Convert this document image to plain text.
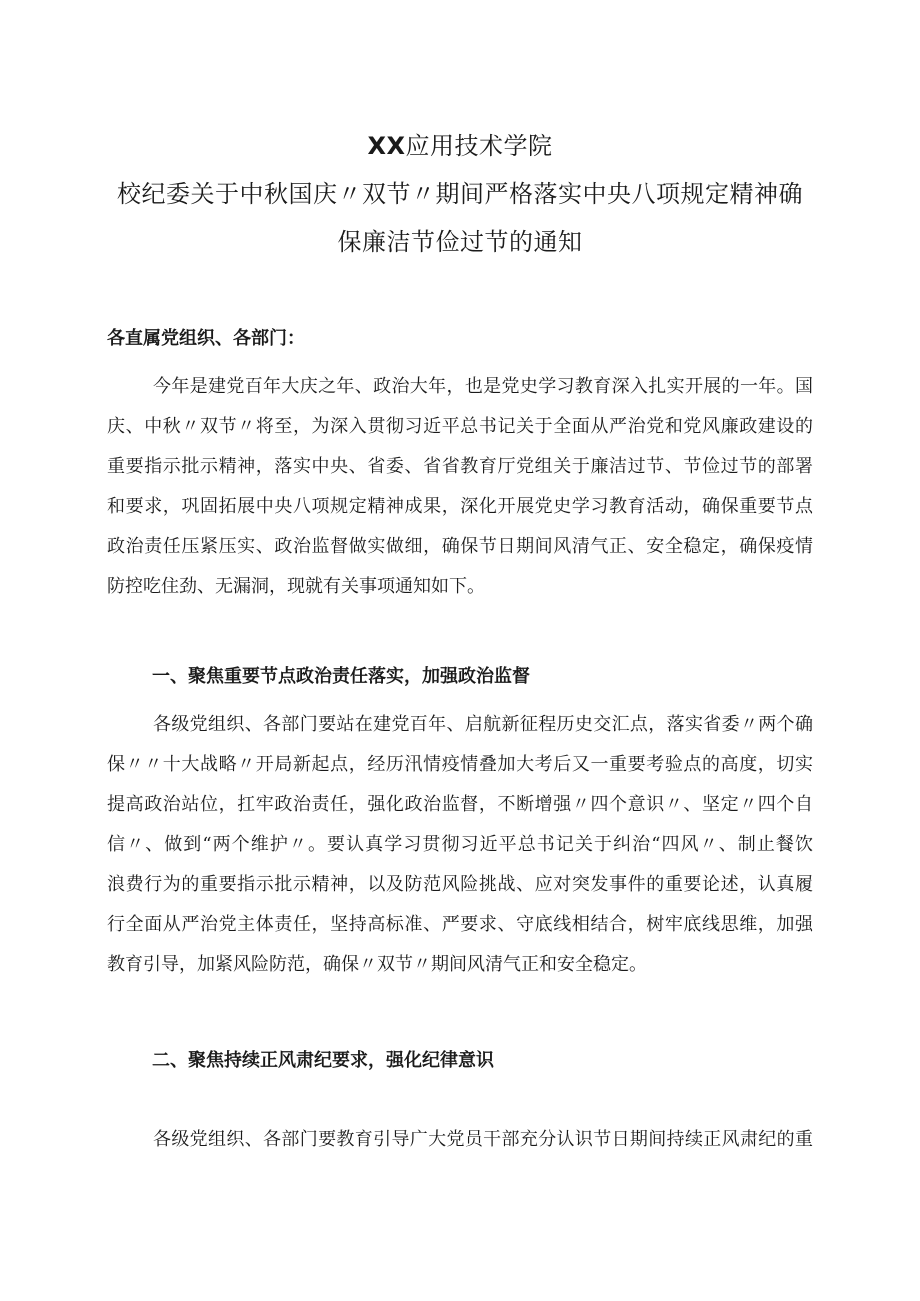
XX应用技术学院
校纪委关于中秋国庆〃双节〃期间严格落实中央八项规定精神确
保廉洁节俭过节的通知
各直属党组织、各部门：
今年是建党百年大庆之年、政治大年，也是党史学习教育深入扎实开展的一年。国
庆、中秋〃双节〃将至，为深入贯彻习近平总书记关于全面从严治党和党风廉政建设的
重要指示批示精神，落实中央、省委、省省教育厅党组关于廉洁过节、节俭过节的部署
和要求，巩固拓展中央八项规定精神成果，深化开展党史学习教育活动，确保重要节点
政治责任压紧压实、政治监督做实做细，确保节日期间风清气正、安全稳定，确保疫情
防控吃住劲、无漏洞，现就有关事项通知如下。
一、聚焦重要节点政治责任落实，加强政治监督
各级党组织、各部门要站在建党百年、启航新征程历史交汇点，落实省委〃两个确
保〃〃十大战略〃开局新起点，经历汛情疫情叠加大考后又一重要考验点的高度，切实
提高政治站位，扛牢政治责任，强化政治监督，不断增强〃四个意识〃、坚定〃四个自
信〃、做到“两个维护〃。要认真学习贯彻习近平总书记关于纠治“四风〃、制止餐饮
浪费行为的重要指示批示精神，以及防范风险挑战、应对突发事件的重要论述，认真履
行全面从严治党主体责任，坚持高标准、严要求、守底线相结合，树牢底线思维，加强
教育引导，加紧风险防范，确保〃双节〃期间风清气正和安全稳定。
二、聚焦持续正风肃纪要求，强化纪律意识
各级党组织、各部门要教育引导广大党员干部充分认识节日期间持续正风肃纪的重
